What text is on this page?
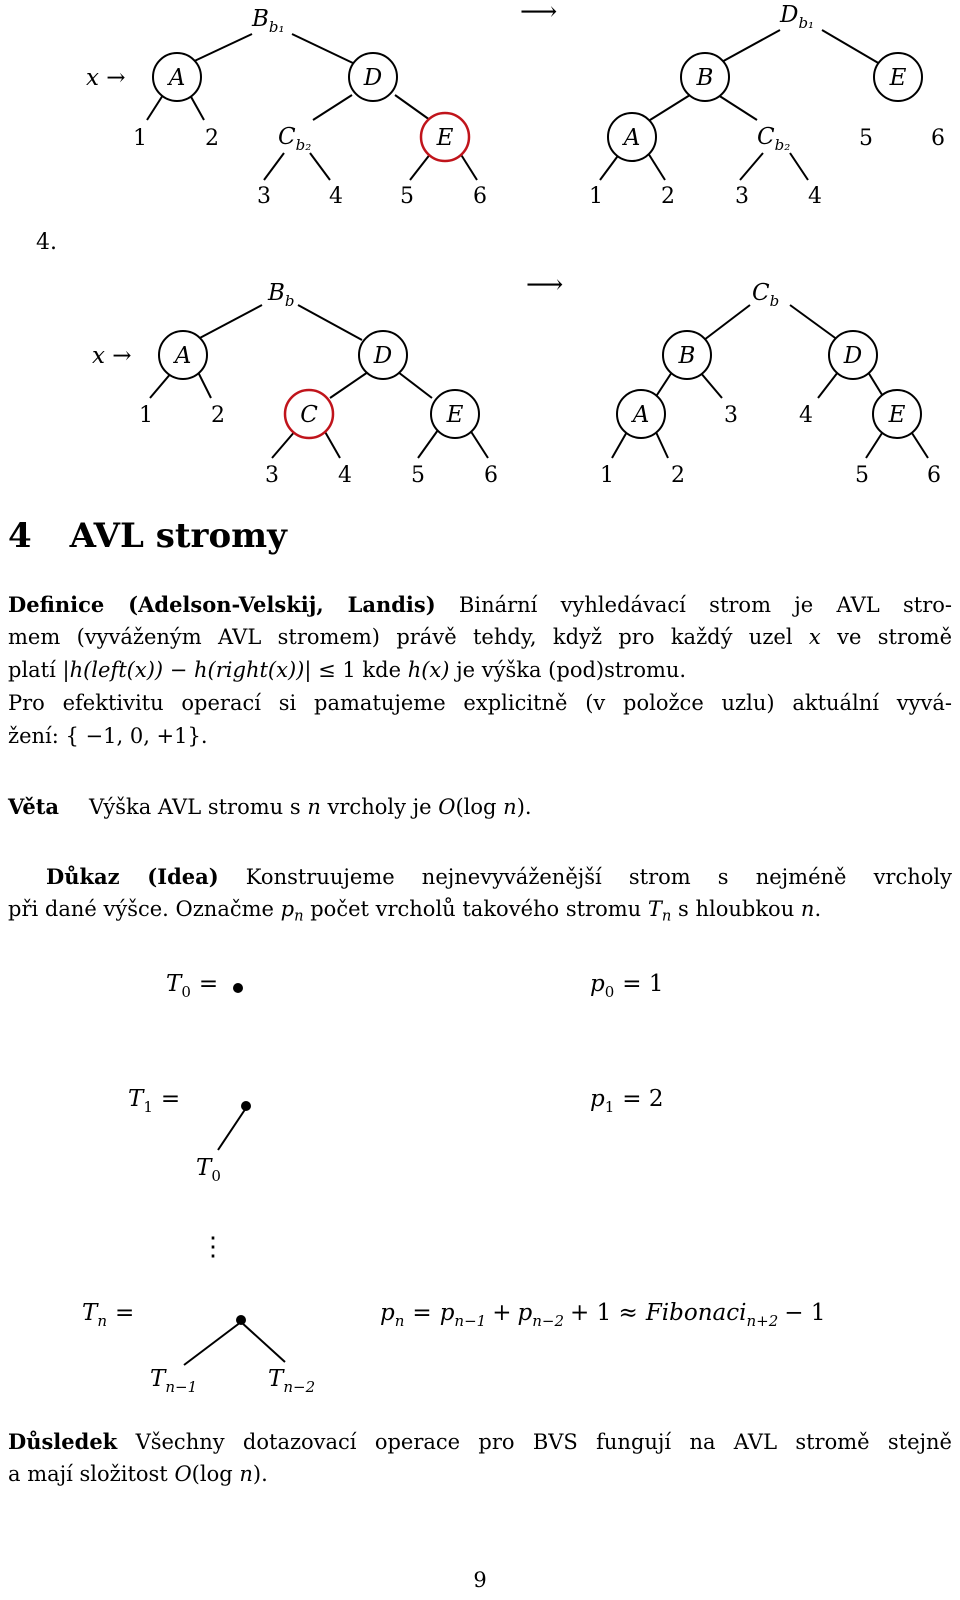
$B_{b_1}$
x → A	D
E
$C_{b_2}$
1	2
3	4	5	6
⟶	$D_{b_1}$
B	E
A	$C_{b_2}$
1	2	3	4
5	6
4.
$B_b$
x → A	D
C	E
1	2
3	4	5	6
⟶	$C_b$
B	D
A	E
3	4
1	2	5	6
$T_0$ =	$p_0 = 1$
$T_1$ =
$T_0$
$p_1 = 2$
⋮
$T_n$ =
$T_{n-1}$	$T_{n-2}$
$p_n = p_{n-1} + p_{n-2} + 1$ ≈ Fibonaci$_{n+2}$ − 1
4 AVL stromy

Definice (Adelson-Velskij, Landis) Binární vyhledávací strom je AVL stro-

mem (vyváženým AVL stromem) právě tehdy, když pro každý uzel x ve stromě

platí |h(left(x)) − h(right(x))| ≤ 1 kde h(x) je výška (pod)stromu.

Pro efektivitu operací si pamatujeme explicitně (v položce uzlu) aktuální vyvá-

žení: { −1, 0, +1}.

Věta Výška AVL stromu s n vrcholy je O(log n).

Důkaz (Idea) Konstruujeme nejnevyváženější strom s nejméně vrcholy

při dané výšce. Označme $p_n$ počet vrcholů takového stromu $T_n$ s hloubkou n.

Důsledek Všechny dotazovací operace pro BVS fungují na AVL stromě stejně

a mají složitost O(log n).

9
